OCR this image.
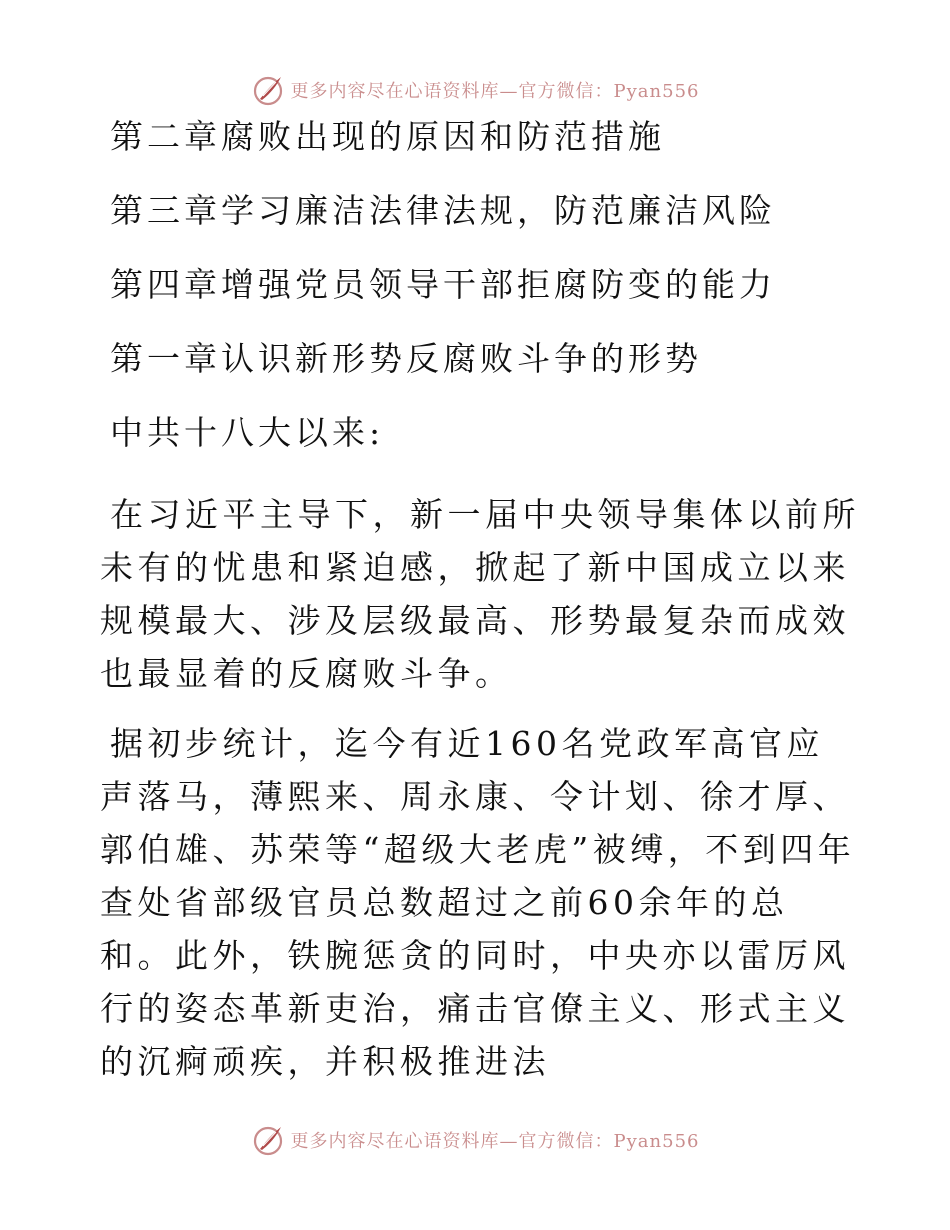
更多内容尽在心语资料库—官方微信：Pyan556
第二章腐败出现的原因和防范措施
第三章学习廉洁法律法规，防范廉洁风险
第四章增强党员领导干部拒腐防变的能力
第一章认识新形势反腐败斗争的形势
中共十八大以来:

在习近平主导下，新一届中央领导集体以前所未有的忧患和紧迫感，掀起了新中国成立以来规模最大、涉及层级最高、形势最复杂而成效也最显着的反腐败斗争。

据初步统计，迄今有近160名党政军高官应声落马，薄熙来、周永康、令计划、徐才厚、郭伯雄、苏荣等“超级大老虎”被缚，不到四年查处省部级官员总数超过之前60余年的总和。此外，铁腕惩贪的同时，中央亦以雷厉风行的姿态革新吏治，痛击官僚主义、形式主义的沉痾顽疾，并积极推进法

更多内容尽在心语资料库—官方微信：Pyan556
